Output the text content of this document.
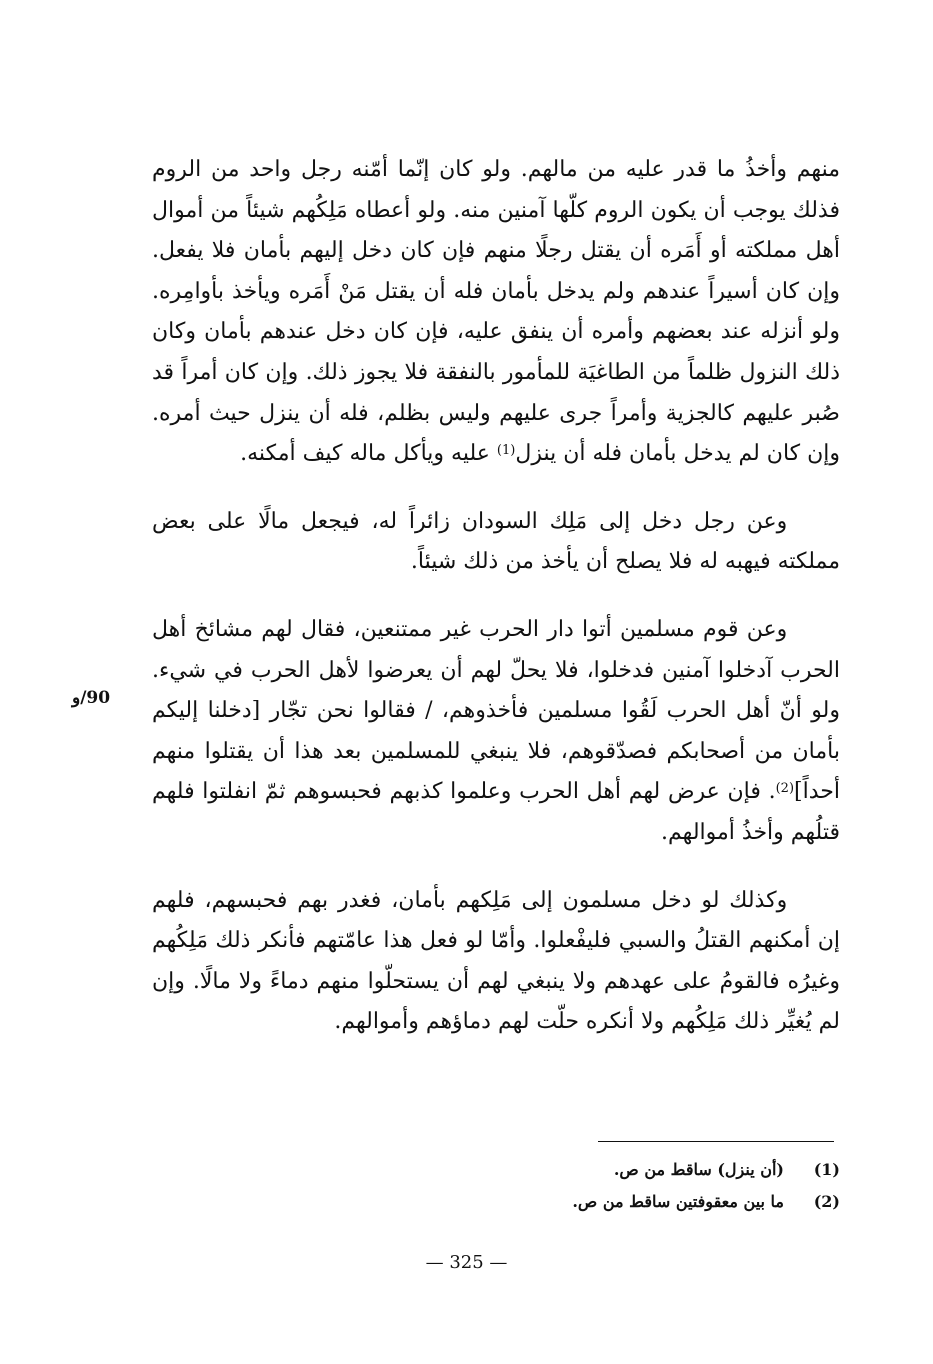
منهم وأخذُ ما قدر عليه من مالهم. ولو كان إنّما أمّنه رجل واحد من الروم فذلك يوجب أن يكون الروم كلّها آمنين منه. ولو أعطاه مَلِكُهم شيئاً من أموال أهل مملكته أو أَمَره أن يقتل رجلًا منهم فإن كان دخل إليهم بأمان فلا يفعل. وإن كان أسيراً عندهم ولم يدخل بأمان فله أن يقتل مَنْ أَمَره ويأخذ بأوامِره. ولو أنزله عند بعضهم وأمره أن ينفق عليه، فإن كان دخل عندهم بأمان وكان ذلك النزول ظلماً من الطاغيَة للمأمور بالنفقة فلا يجوز ذلك. وإن كان أمراً قد صُبر عليهم كالجزية وأمراً جرى عليهم وليس بظلم، فله أن ينزل حيث أمره. وإن كان لم يدخل بأمان فله أن ينزل$^{(1)}$ عليه ويأكل ماله كيف أمكنه.

وعن رجل دخل إلى مَلِك السودان زائراً له، فيجعل مالًا على بعض مملكته فيهبه له فلا يصلح أن يأخذ من ذلك شيئاً.

وعن قوم مسلمين أتوا دار الحرب غير ممتنعين، فقال لهم مشائخ أهل الحرب آدخلوا آمنين فدخلوا، فلا يحلّ لهم أن يعرضوا لأهل الحرب في شيء. ولو أنّ أهل الحرب لَقُوا مسلمين فأخذوهم، / فقالوا نحن تجّار [دخلنا إليكم بأمان من أصحابكم فصدّقوهم، فلا ينبغي للمسلمين بعد هذا أن يقتلوا منهم أحداً]$^{(2)}$. فإن عرض لهم أهل الحرب وعلموا كذبهم فحبسوهم ثمّ انفلتوا فلهم قتلُهم وأخذُ أموالهم.

وكذلك لو دخل مسلمون إلى مَلِكهم بأمان، فغدر بهم فحبسهم، فلهم إن أمكنهم القتلُ والسبي فليفْعلوا. وأمّا لو فعل هذا عامّتهم فأنكر ذلك مَلِكُهم وغيرُه فالقومُ على عهدهم ولا ينبغي لهم أن يستحلّوا منهم دماءً ولا مالًا. وإن لم يُغيِّر ذلك مَلِكُهم ولا أنكره حلّت لهم دماؤهم وأموالهم.

90/و
(1)
(أن ينزل) ساقط من ص.
(2)
ما بين معقوفتين ساقط من ص.
— 325 —
